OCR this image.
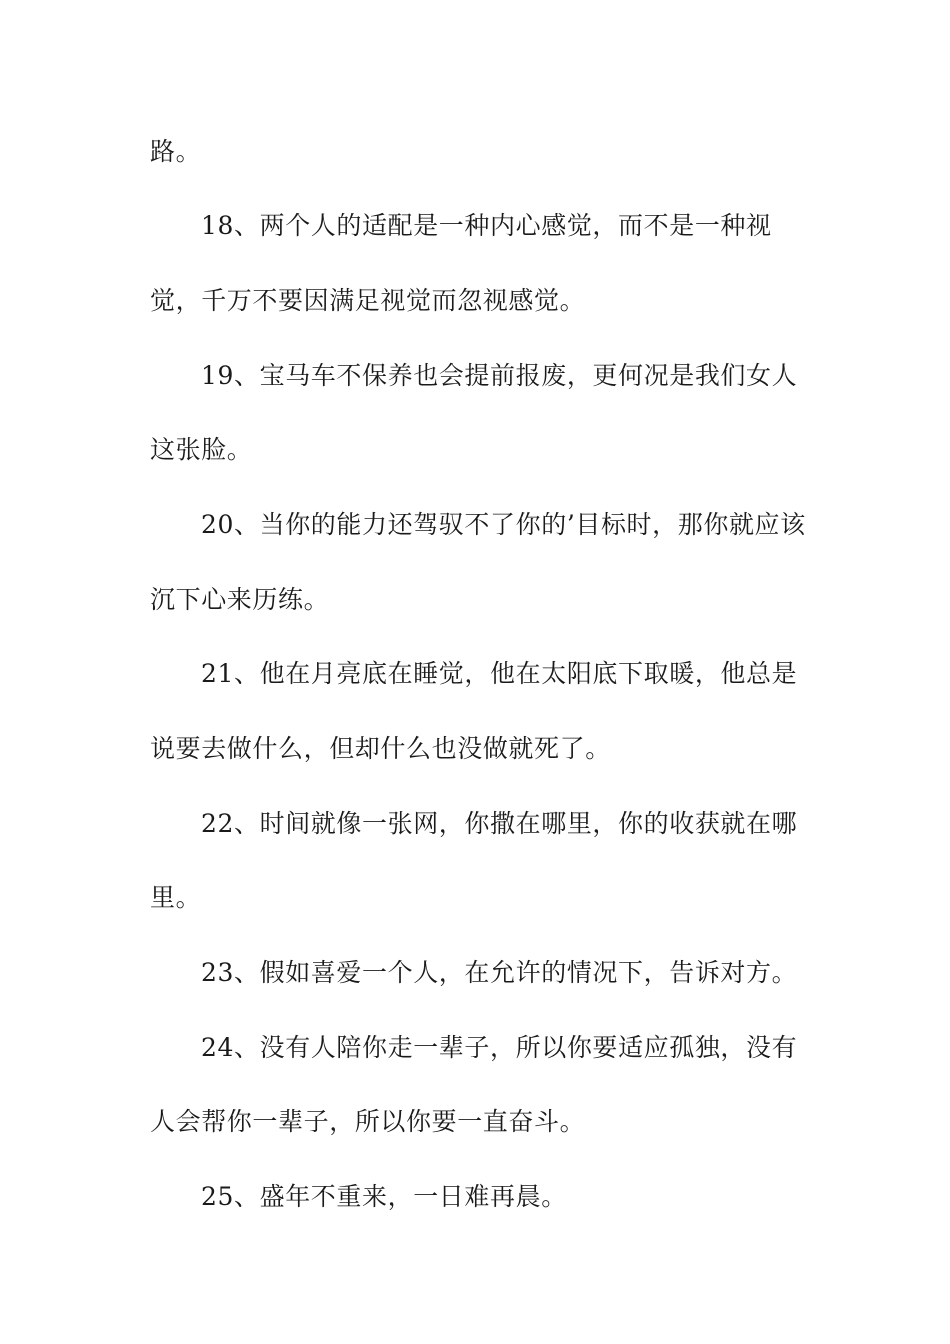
路。
18、两个人的适配是一种内心感觉，而不是一种视
觉，千万不要因满足视觉而忽视感觉。
19、宝马车不保养也会提前报废，更何况是我们女人
这张脸。
20、当你的能力还驾驭不了你的’目标时，那你就应该
沉下心来历练。
21、他在月亮底在睡觉，他在太阳底下取暖，他总是
说要去做什么，但却什么也没做就死了。
22、时间就像一张网，你撒在哪里，你的收获就在哪
里。
23、假如喜爱一个人，在允许的情况下，告诉对方。
24、没有人陪你走一辈子，所以你要适应孤独，没有
人会帮你一辈子，所以你要一直奋斗。
25、盛年不重来，一日难再晨。
